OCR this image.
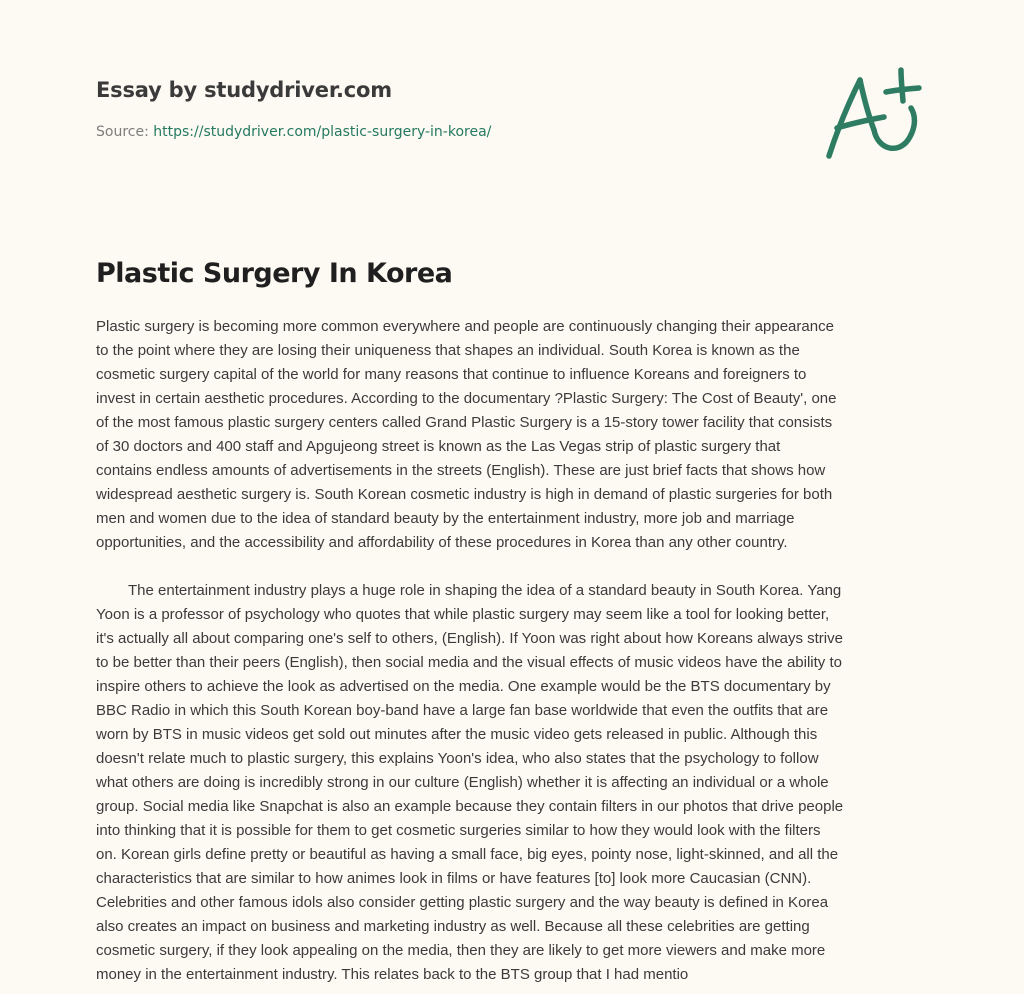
Essay by studydriver.com
Source: https://studydriver.com/plastic-surgery-in-korea/
Plastic Surgery In Korea

Plastic surgery is becoming more common everywhere and people are continuously changing their appearance
to the point where they are losing their uniqueness that shapes an individual. South Korea is known as the
cosmetic surgery capital of the world for many reasons that continue to influence Koreans and foreigners to
invest in certain aesthetic procedures. According to the documentary ?Plastic Surgery: The Cost of Beauty', one
of the most famous plastic surgery centers called Grand Plastic Surgery is a 15-story tower facility that consists
of 30 doctors and 400 staff and Apgujeong street is known as the Las Vegas strip of plastic surgery that
contains endless amounts of advertisements in the streets (English). These are just brief facts that shows how
widespread aesthetic surgery is. South Korean cosmetic industry is high in demand of plastic surgeries for both
men and women due to the idea of standard beauty by the entertainment industry, more job and marriage
opportunities, and the accessibility and affordability of these procedures in Korea than any other country.

The entertainment industry plays a huge role in shaping the idea of a standard beauty in South Korea. Yang
Yoon is a professor of psychology who quotes that while plastic surgery may seem like a tool for looking better,
it's actually all about comparing one's self to others, (English). If Yoon was right about how Koreans always strive
to be better than their peers (English), then social media and the visual effects of music videos have the ability to
inspire others to achieve the look as advertised on the media. One example would be the BTS documentary by
BBC Radio in which this South Korean boy-band have a large fan base worldwide that even the outfits that are
worn by BTS in music videos get sold out minutes after the music video gets released in public. Although this
doesn't relate much to plastic surgery, this explains Yoon's idea, who also states that the psychology to follow
what others are doing is incredibly strong in our culture (English) whether it is affecting an individual or a whole
group. Social media like Snapchat is also an example because they contain filters in our photos that drive people
into thinking that it is possible for them to get cosmetic surgeries similar to how they would look with the filters
on. Korean girls define pretty or beautiful as having a small face, big eyes, pointy nose, light-skinned, and all the
characteristics that are similar to how animes look in films or have features [to] look more Caucasian (CNN).
Celebrities and other famous idols also consider getting plastic surgery and the way beauty is defined in Korea
also creates an impact on business and marketing industry as well. Because all these celebrities are getting
cosmetic surgery, if they look appealing on the media, then they are likely to get more viewers and make more
money in the entertainment industry. This relates back to the BTS group that I had mentio
